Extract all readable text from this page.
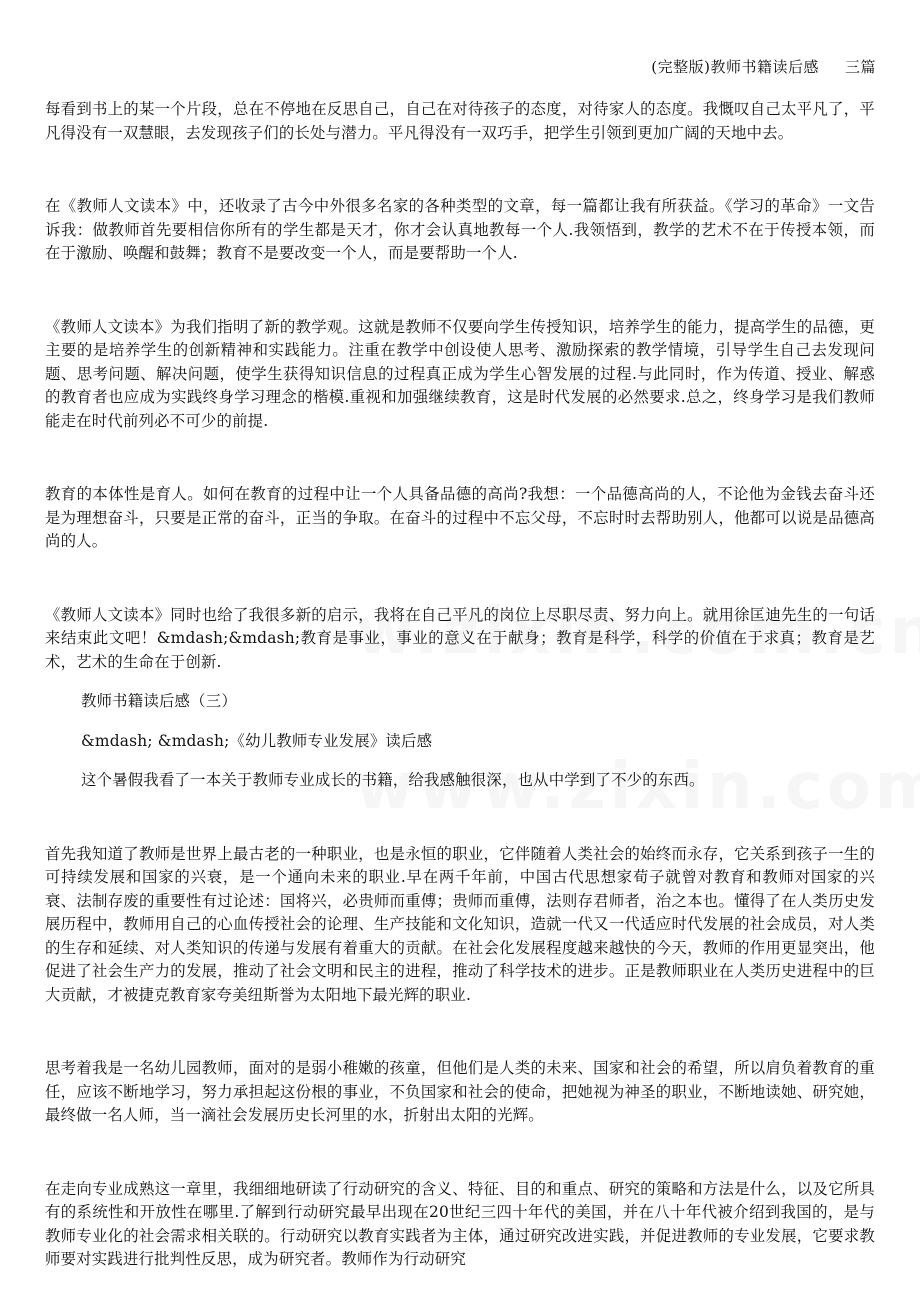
(完整版)教师书籍读后感 三篇

每看到书上的某一个片段，总在不停地在反思自己，自己在对待孩子的态度，对待家人的态度。我慨叹自己太平凡了，平凡得没有一双慧眼，去发现孩子们的长处与潜力。平凡得没有一双巧手，把学生引领到更加广阔的天地中去。

在《教师人文读本》中，还收录了古今中外很多名家的各种类型的文章，每一篇都让我有所获益。《学习的革命》一文告诉我：做教师首先要相信你所有的学生都是天才，你才会认真地教每一个人.我领悟到，教学的艺术不在于传授本领，而在于激励、唤醒和鼓舞；教育不是要改变一个人，而是要帮助一个人.

《教师人文读本》为我们指明了新的教学观。这就是教师不仅要向学生传授知识，培养学生的能力，提高学生的品德，更主要的是培养学生的创新精神和实践能力。注重在教学中创设使人思考、激励探索的教学情境，引导学生自己去发现问题、思考问题、解决问题，使学生获得知识信息的过程真正成为学生心智发展的过程.与此同时，作为传道、授业、解惑的教育者也应成为实践终身学习理念的楷模.重视和加强继续教育，这是时代发展的必然要求.总之，终身学习是我们教师能走在时代前列必不可少的前提.

教育的本体性是育人。如何在教育的过程中让一个人具备品德的高尚?我想：一个品德高尚的人，不论他为金钱去奋斗还是为理想奋斗，只要是正常的奋斗，正当的争取。在奋斗的过程中不忘父母，不忘时时去帮助别人，他都可以说是品德高尚的人。

《教师人文读本》同时也给了我很多新的启示，我将在自己平凡的岗位上尽职尽责、努力向上。就用徐匡迪先生的一句话来结束此文吧！&mdash;&mdash;教育是事业，事业的意义在于献身；教育是科学，科学的价值在于求真；教育是艺术，艺术的生命在于创新.

教师书籍读后感（三）

&mdash; &mdash;《幼儿教师专业发展》读后感

这个暑假我看了一本关于教师专业成长的书籍，给我感触很深，也从中学到了不少的东西。

首先我知道了教师是世界上最古老的一种职业，也是永恒的职业，它伴随着人类社会的始终而永存，它关系到孩子一生的可持续发展和国家的兴衰，是一个通向未来的职业.早在两千年前，中国古代思想家荀子就曾对教育和教师对国家的兴衰、法制存废的重要性有过论述：国将兴，必贵师而重傅；贵师而重傅，法则存君师者，治之本也。懂得了在人类历史发展历程中，教师用自己的心血传授社会的论理、生产技能和文化知识，造就一代又一代适应时代发展的社会成员，对人类的生存和延续、对人类知识的传递与发展有着重大的贡献。在社会化发展程度越来越快的今天，教师的作用更显突出，他促进了社会生产力的发展，推动了社会文明和民主的进程，推动了科学技术的进步。正是教师职业在人类历史进程中的巨大贡献，才被捷克教育家夸美纽斯誉为太阳地下最光辉的职业.

思考着我是一名幼儿园教师，面对的是弱小稚嫩的孩童，但他们是人类的未来、国家和社会的希望，所以肩负着教育的重任，应该不断地学习，努力承担起这份根的事业，不负国家和社会的使命，把她视为神圣的职业，不断地读她、研究她，最终做一名人师，当一滴社会发展历史长河里的水，折射出太阳的光辉。

在走向专业成熟这一章里，我细细地研读了行动研究的含义、特征、目的和重点、研究的策略和方法是什么，以及它所具有的系统性和开放性在哪里.了解到行动研究最早出现在20世纪三四十年代的美国，并在八十年代被介绍到我国的，是与教师专业化的社会需求相关联的。行动研究以教育实践者为主体，通过研究改进实践，并促进教师的专业发展，它要求教师要对实践进行批判性反思，成为研究者。教师作为行动研究
